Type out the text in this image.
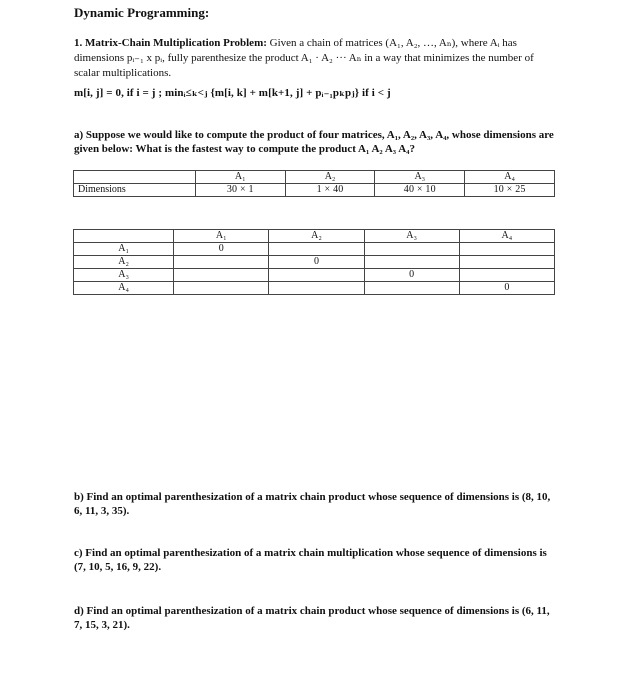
Dynamic Programming:
1. Matrix-Chain Multiplication Problem: Given a chain of matrices (A₁, A₂, …, Aₙ), where Aᵢ has dimensions pᵢ₋₁ x pᵢ, fully parenthesize the product A₁ · A₂ ··· Aₙ in a way that minimizes the number of scalar multiplications.
m[i, j] = 0, if i = j ; minᵢ≤ₖ<ⱼ {m[i, k] + m[k+1, j] + pᵢ₋₁pₖpⱼ} if i < j
a) Suppose we would like to compute the product of four matrices, A₁, A₂, A₃, A₄, whose dimensions are given below: What is the fastest way to compute the product A₁ A₂ A₃ A₄?
	A₁	A₂	A₃	A₄
Dimensions	30 × 1	1 × 40	40 × 10	10 × 25
	A₁	A₂	A₃	A₄
A₁	0			
A₂		0		
A₃			0	
A₄				0
b) Find an optimal parenthesization of a matrix chain product whose sequence of dimensions is (8, 10, 6, 11, 3, 35).
c) Find an optimal parenthesization of a matrix chain multiplication whose sequence of dimensions is (7, 10, 5, 16, 9, 22).
d) Find an optimal parenthesization of a matrix chain product whose sequence of dimensions is (6, 11, 7, 15, 3, 21).
